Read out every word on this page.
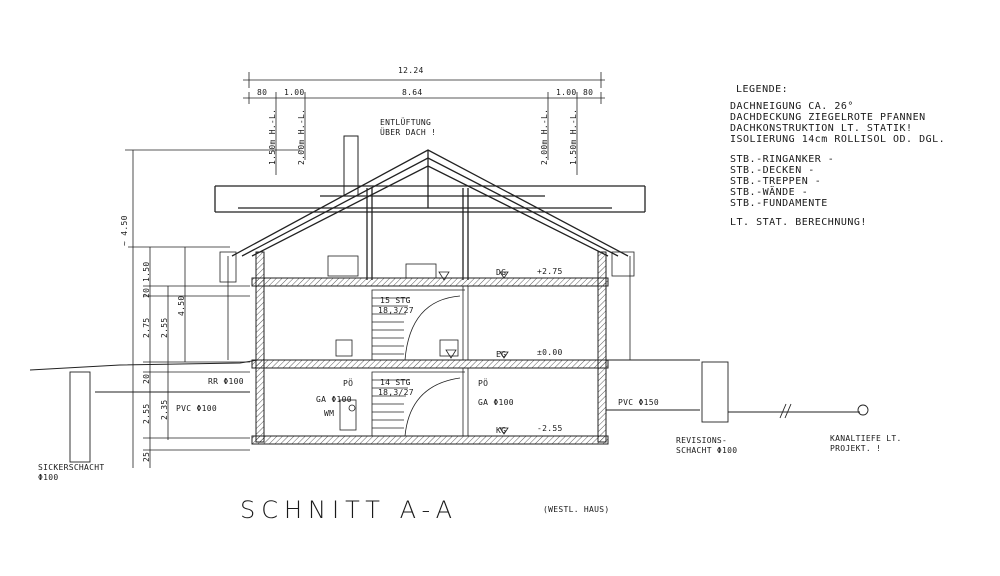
12.24
80 1.00	8.64	1.00 80
1.50m H.-L.	2.00m H.-L.	2.00m H.-L.	1.50m H.-L.
~ 4.50
1.50
20
2.75
20
2.55
25
2.55
2.35
4.50
ENTLÜFTUNG
ÜBER DACH !
DG	+2.75
EG	±0.00
KG	-2.55
15 STG
18,3/27
14 STG
18,3/27
PÖ	PÖ
GA Φ100	GA Φ100
WM
RR Φ100
PVC Φ100
PVC Φ150
SICKERSCHACHT
Φ100
REVISIONS-
SCHACHT Φ100
KANALTIEFE LT.
PROJEKT. !
LEGENDE:
DACHNEIGUNG CA. 26°
DACHDECKUNG ZIEGELROTE PFANNEN
DACHKONSTRUKTION LT. STATIK!
ISOLIERUNG 14cm ROLLISOL OD. DGL.
STB.-RINGANKER -
STB.-DECKEN -
STB.-TREPPEN -
STB.-WÄNDE -
STB.-FUNDAMENTE
LT. STAT. BERECHNUNG!
SCHNITT A-A	(WESTL. HAUS)
